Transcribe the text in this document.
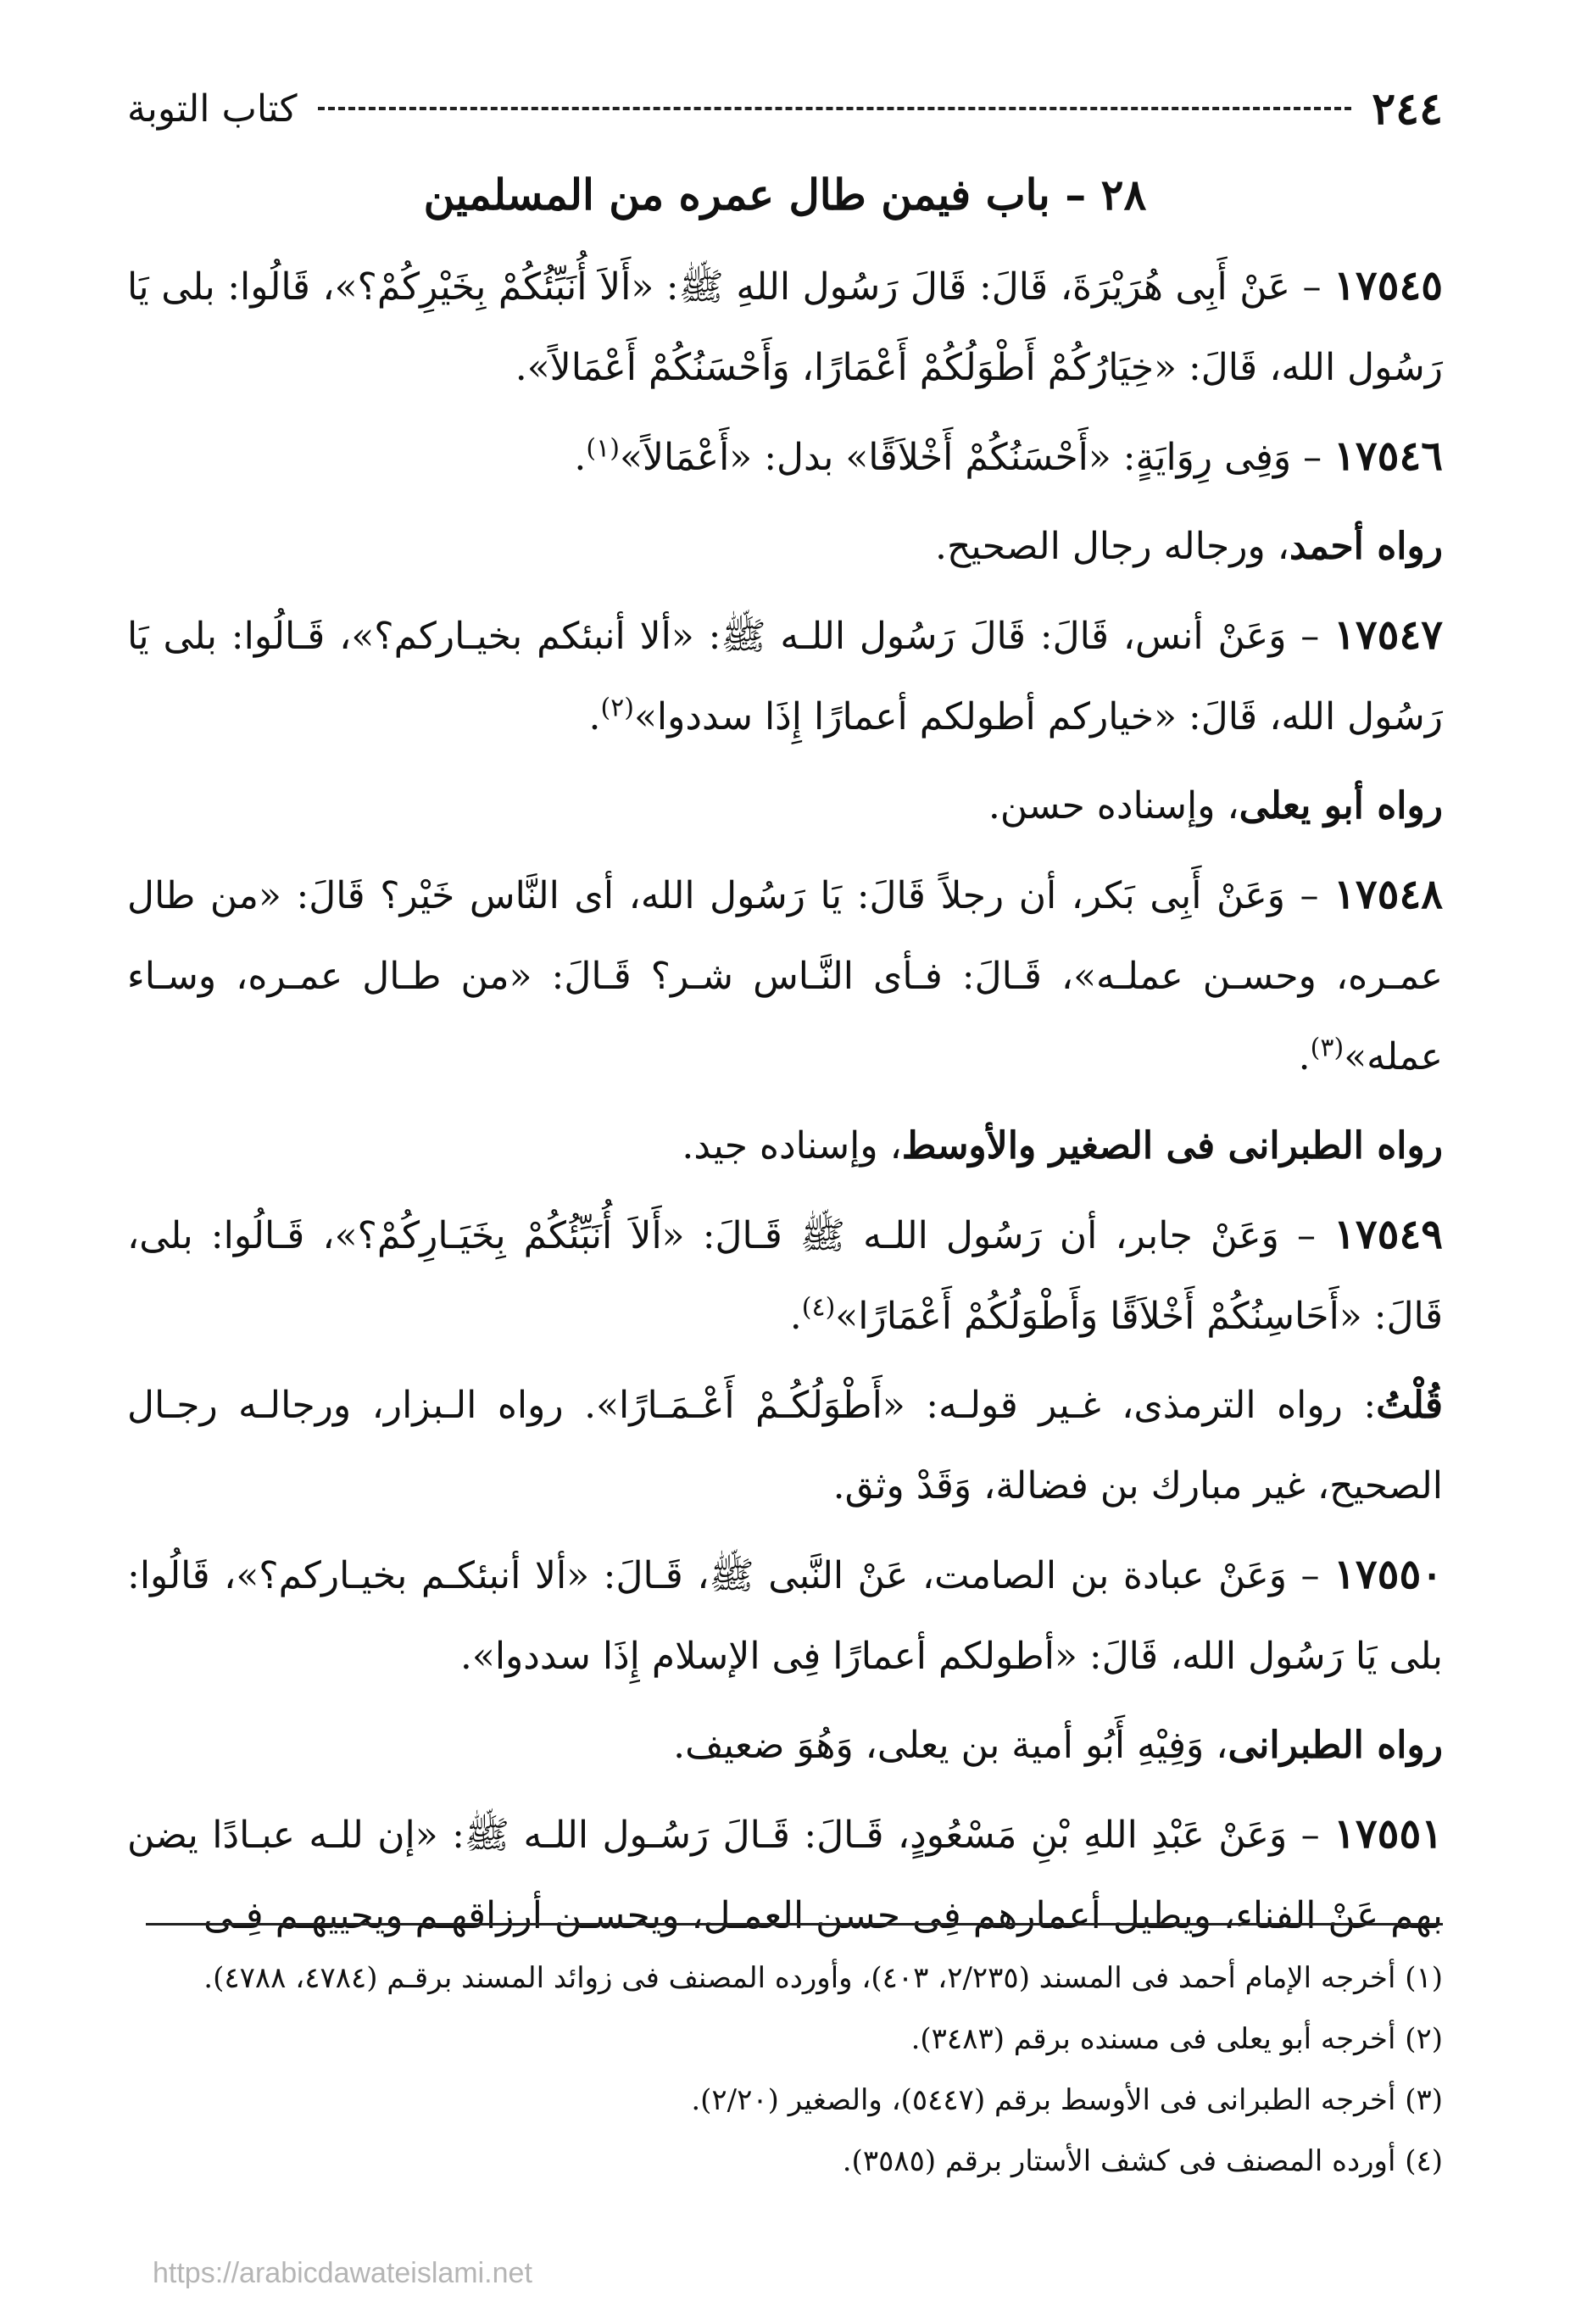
٢٤٤
كتاب التوبة
٢٨ – باب فيمن طال عمره من المسلمين

١٧٥٤٥ – عَنْ أَبِى هُرَيْرَةَ، قَالَ: قَالَ رَسُول اللهِ ﷺ: «أَلاَ أُنَبِّئُكُمْ بِخَيْرِكُمْ؟»، قَالُوا: بلى يَا رَسُول الله، قَالَ: «خِيَارُكُمْ أَطْوَلُكُمْ أَعْمَارًا، وَأَحْسَنُكُمْ أَعْمَالاً».

١٧٥٤٦ – وَفِى رِوَايَةٍ: «أَحْسَنُكُمْ أَخْلاَقًا» بدل: «أَعْمَالاً»$^{(١)}$.

رواه أحمد، ورجاله رجال الصحيح.

١٧٥٤٧ – وَعَنْ أنس، قَالَ: قَالَ رَسُول اللـه ﷺ: «ألا أنبئكم بخيـاركم؟»، قَـالُوا: بلى يَا رَسُول الله، قَالَ: «خياركم أطولكم أعمارًا إِذَا سددوا»$^{(٢)}$.

رواه أبو يعلى، وإسناده حسن.

١٧٥٤٨ – وَعَنْ أَبِى بَكر، أن رجلاً قَالَ: يَا رَسُول الله، أى النَّاس خَيْر؟ قَالَ: «من طال عمـره، وحسـن عملـه»، قَـالَ: فـأى النَّـاس شـر؟ قَـالَ: «من طـال عمـره، وسـاء عمله»$^{(٣)}$.

رواه الطبرانى فى الصغير والأوسط، وإسناده جيد.

١٧٥٤٩ – وَعَنْ جابر، أن رَسُول اللـه ﷺ قَـالَ: «أَلاَ أُنَبِّئُكُمْ بِخَيَـارِكُمْ؟»، قَـالُوا: بلى، قَالَ: «أَحَاسِنُكُمْ أَخْلاَقًا وَأَطْوَلُكُمْ أَعْمَارًا»$^{(٤)}$.

قُلْتُ: رواه الترمذى، غـير قولـه: «أَطْوَلُكُـمْ أَعْـمَـارًا». رواه الـبزار، ورجالـه رجـال الصحيح، غير مبارك بن فضالة، وَقَدْ وثق.

١٧٥٥٠ – وَعَنْ عبادة بن الصامت، عَنْ النَّبى ﷺ، قَـالَ: «ألا أنبئكـم بخيـاركم؟»، قَالُوا: بلى يَا رَسُول الله، قَالَ: «أطولكم أعمارًا فِى الإسلام إِذَا سددوا».

رواه الطبرانى، وَفِيْهِ أَبُو أمية بن يعلى، وَهُوَ ضعيف.

١٧٥٥١ – وَعَنْ عَبْدِ اللهِ بْنِ مَسْعُودٍ، قَـالَ: قَـالَ رَسُـول اللـه ﷺ: «إن للـه عبـادًا يضن بهم عَنْ الفناء، ويطيل أعمارهم فِى حسن العمـل، ويحسـن أرزاقهـم ويحييهـم فِـى

(١) أخرجه الإمام أحمد فى المسند (٢/٢٣٥، ٤٠٣)، وأورده المصنف فى زوائد المسند برقـم (٤٧٨٤، ٤٧٨٨).

(٢) أخرجه أبو يعلى فى مسنده برقم (٣٤٨٣).

(٣) أخرجه الطبرانى فى الأوسط برقم (٥٤٤٧)، والصغير (٢/٢٠).

(٤) أورده المصنف فى كشف الأستار برقم (٣٥٨٥).

https://arabicdawateislami.net
